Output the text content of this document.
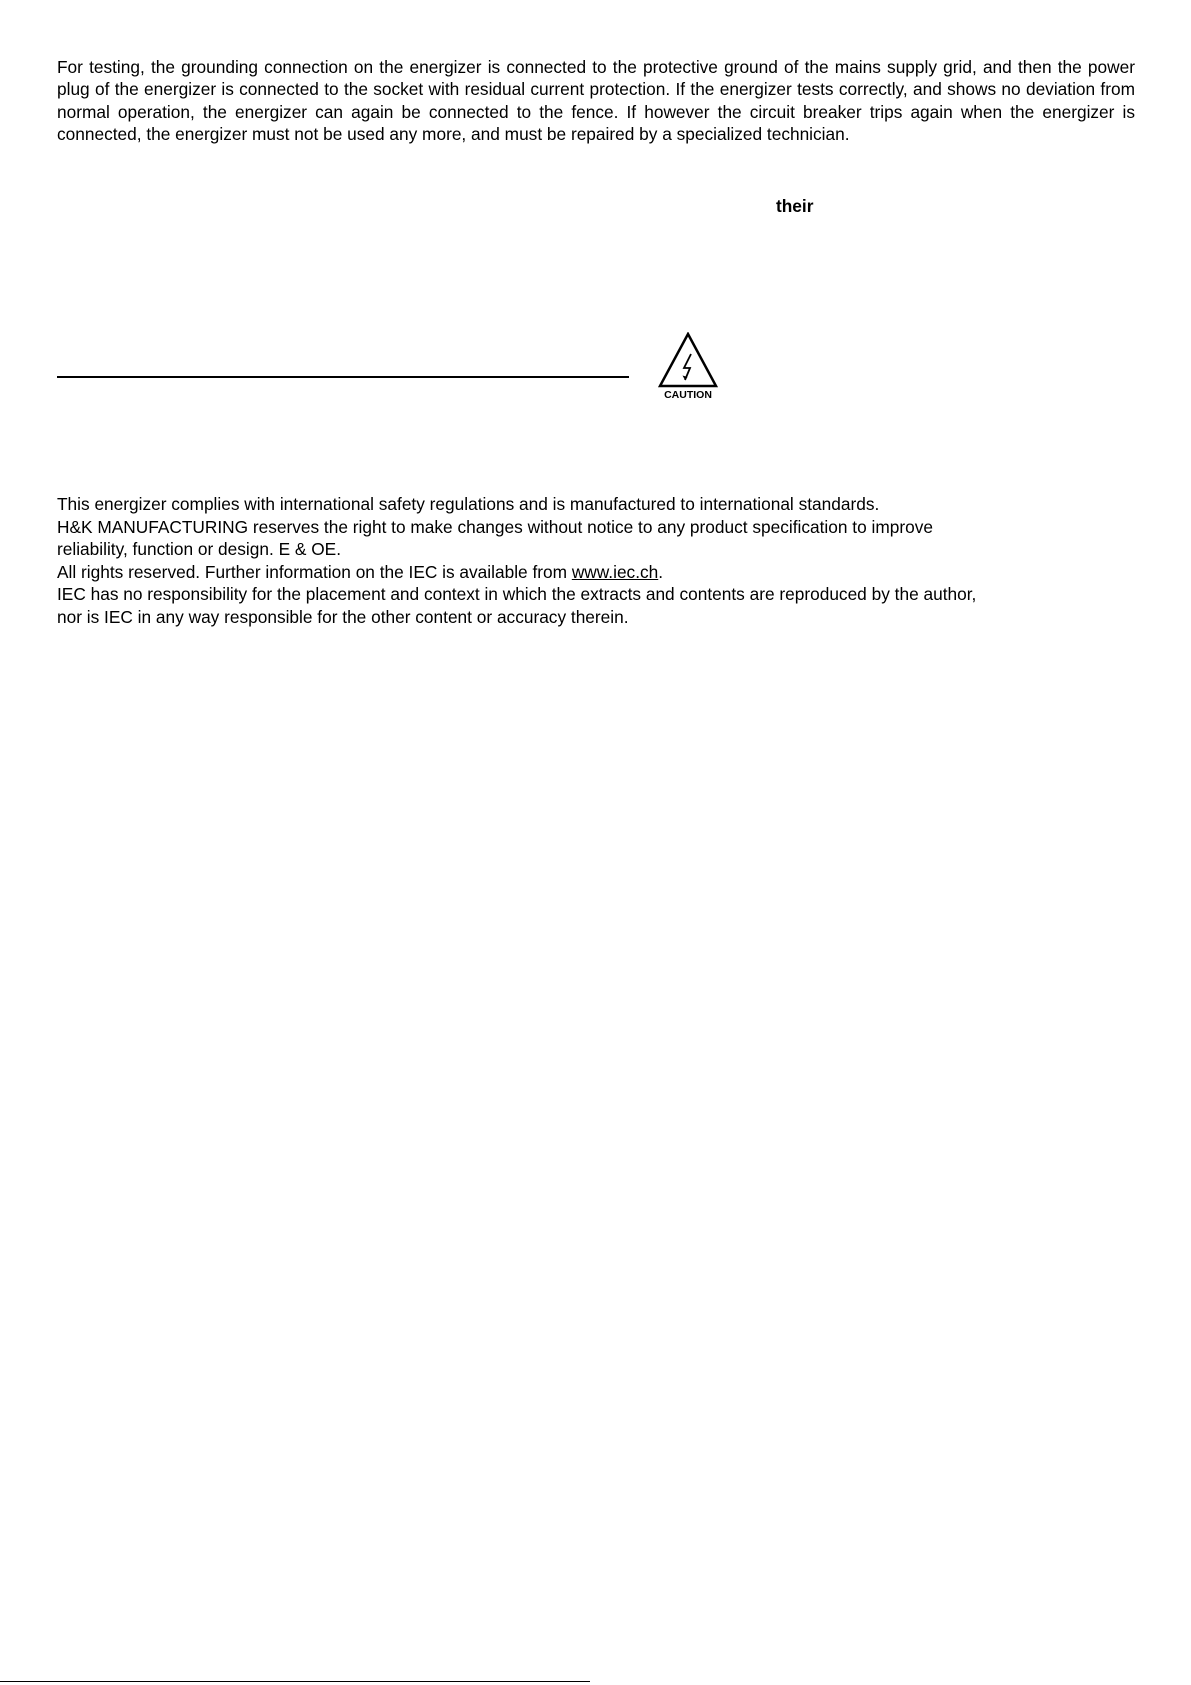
For testing, the grounding connection on the energizer is connected to the protective ground of the mains supply grid, and then the power plug of the energizer is connected to the socket with residual current protection. If the energizer tests correctly, and shows no deviation from normal operation, the energizer can again be connected to the fence. If however the circuit breaker trips again when the energizer is connected, the energizer must not be used any more, and must be repaired by a specialized technician.

their

CAUTION
This energizer complies with international safety regulations and is manufactured to international standards.
H&K MANUFACTURING reserves the right to make changes without notice to any product specification to improve
reliability, function or design. E & OE.
All rights reserved. Further information on the IEC is available from www.iec.ch.
IEC has no responsibility for the placement and context in which the extracts and contents are reproduced by the author,
nor is IEC in any way responsible for the other content or accuracy therein.
